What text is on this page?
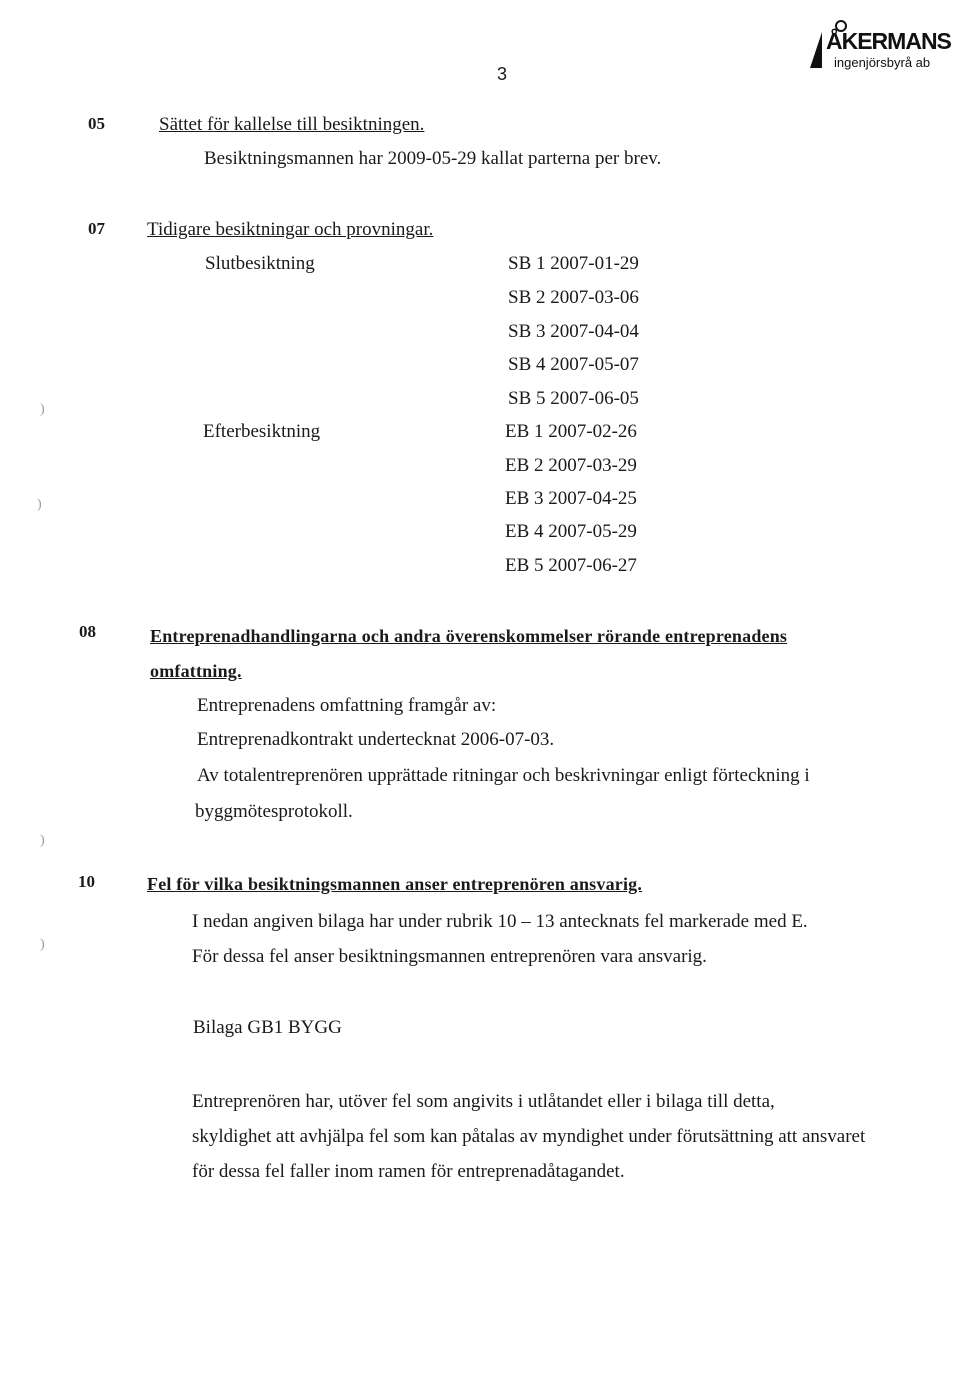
ÅKERMANS
ingenjörsbyrå ab
3
05	Sättet för kallelse till besiktningen.
Besiktningsmannen har 2009-05-29 kallat parterna per brev.
07 Tidigare besiktningar och provningar.
Slutbesiktning	SB 1 2007-01-29
SB 2 2007-03-06
SB 3 2007-04-04
SB 4 2007-05-07
SB 5 2007-06-05
Efterbesiktning	EB 1 2007-02-26
EB 2 2007-03-29
EB 3 2007-04-25
EB 4 2007-05-29
EB 5 2007-06-27
08	Entreprenadhandlingarna och andra överenskommelser rörande entreprenadens
omfattning.
Entreprenadens omfattning framgår av:
Entreprenadkontrakt undertecknat 2006-07-03.
Av totalentreprenören upprättade ritningar och beskrivningar enligt förteckning i
byggmötesprotokoll.
10	Fel för vilka besiktningsmannen anser entreprenören ansvarig.
I nedan angiven bilaga har under rubrik 10 – 13 antecknats fel markerade med E.
För dessa fel anser besiktningsmannen entreprenören vara ansvarig.
Bilaga GB1 BYGG
Entreprenören har, utöver fel som angivits i utlåtandet eller i bilaga till detta,
skyldighet att avhjälpa fel som kan påtalas av myndighet under förutsättning att ansvaret
för dessa fel faller inom ramen för entreprenadåtagandet.
)
)
)
)
